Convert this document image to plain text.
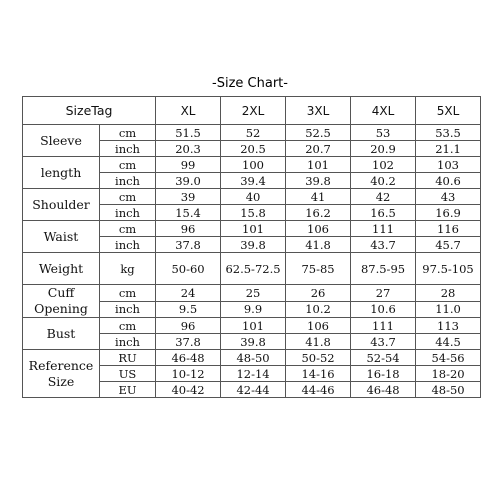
-Size Chart-
SizeTag		XL	2XL	3XL	4XL	5XL
Sleeve	cm	51.5	52	52.5	53	53.5
	inch	20.3	20.5	20.7	20.9	21.1
length	cm	99	100	101	102	103
	inch	39.0	39.4	39.8	40.2	40.6
Shoulder	cm	39	40	41	42	43
	inch	15.4	15.8	16.2	16.5	16.9
Waist	cm	96	101	106	111	116
	inch	37.8	39.8	41.8	43.7	45.7
Weight	kg	50-60	62.5-72.5	75-85	87.5-95	97.5-105
Cuff Opening	cm	24	25	26	27	28
	inch	9.5	9.9	10.2	10.6	11.0
Bust	cm	96	101	106	111	113
	inch	37.8	39.8	41.8	43.7	44.5
Reference Size	RU	46-48	48-50	50-52	52-54	54-56
	US	10-12	12-14	14-16	16-18	18-20
	EU	40-42	42-44	44-46	46-48	48-50
